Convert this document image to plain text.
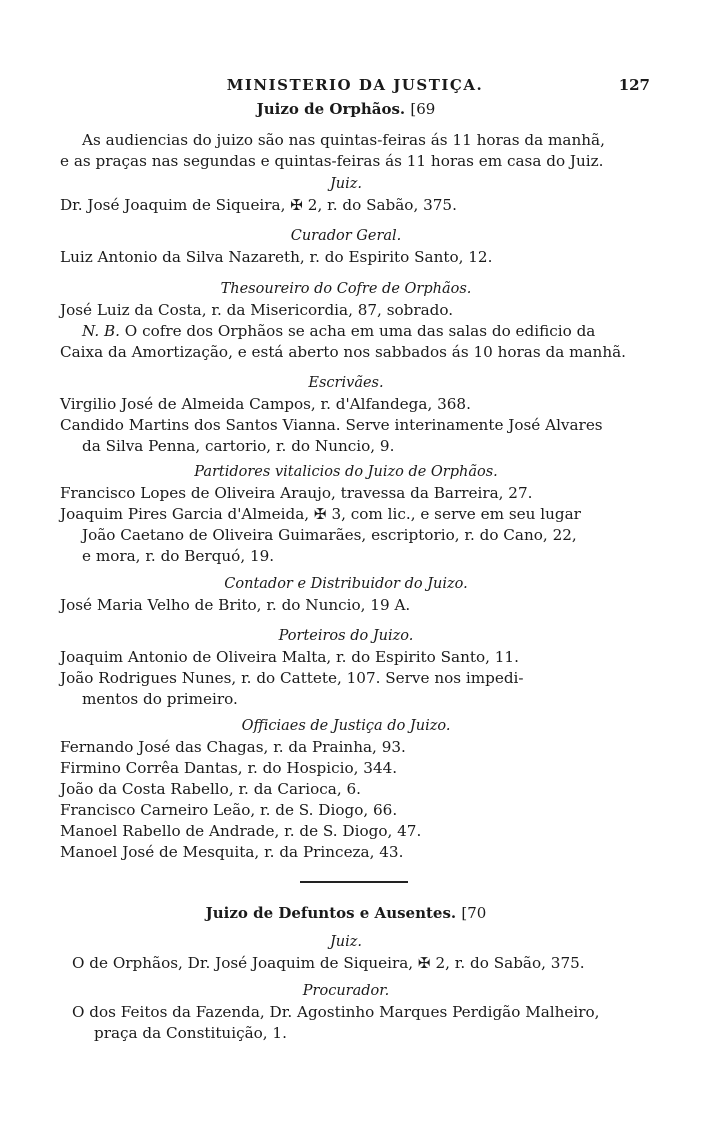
MINISTERIO DA JUSTIÇA.	127

Juizo de Orphãos. [69

As audiencias do juizo são nas quintas-feiras ás 11 horas da manhã,

e as praças nas segundas e quintas-feiras ás 11 horas em casa do Juiz.

Juiz.

Dr. José Joaquim de Siqueira, ✠ 2, r. do Sabão, 375.

Curador Geral.

Luiz Antonio da Silva Nazareth, r. do Espirito Santo, 12.

Thesoureiro do Cofre de Orphãos.

José Luiz da Costa, r. da Misericordia, 87, sobrado.

N. B. O cofre dos Orphãos se acha em uma das salas do edificio da

Caixa da Amortização, e está aberto nos sabbados ás 10 horas da manhã.

Escrivães.

Virgilio José de Almeida Campos, r. d'Alfandega, 368.

Candido Martins dos Santos Vianna. Serve interinamente José Alvares

da Silva Penna, cartorio, r. do Nuncio, 9.

Partidores vitalicios do Juizo de Orphãos.

Francisco Lopes de Oliveira Araujo, travessa da Barreira, 27.

Joaquim Pires Garcia d'Almeida, ✠ 3, com lic., e serve em seu lugar

João Caetano de Oliveira Guimarães, escriptorio, r. do Cano, 22,

e mora, r. do Berquó, 19.

Contador e Distribuidor do Juizo.

José Maria Velho de Brito, r. do Nuncio, 19 A.

Porteiros do Juizo.

Joaquim Antonio de Oliveira Malta, r. do Espirito Santo, 11.

João Rodrigues Nunes, r. do Cattete, 107. Serve nos impedi-

mentos do primeiro.

Officiaes de Justiça do Juizo.

Fernando José das Chagas, r. da Prainha, 93.

Firmino Corrêa Dantas, r. do Hospicio, 344.

João da Costa Rabello, r. da Carioca, 6.

Francisco Carneiro Leão, r. de S. Diogo, 66.

Manoel Rabello de Andrade, r. de S. Diogo, 47.

Manoel José de Mesquita, r. da Princeza, 43.

Juizo de Defuntos e Ausentes. [70

Juiz.

O de Orphãos, Dr. José Joaquim de Siqueira, ✠ 2, r. do Sabão, 375.

Procurador.

O dos Feitos da Fazenda, Dr. Agostinho Marques Perdigão Malheiro,

praça da Constituição, 1.
